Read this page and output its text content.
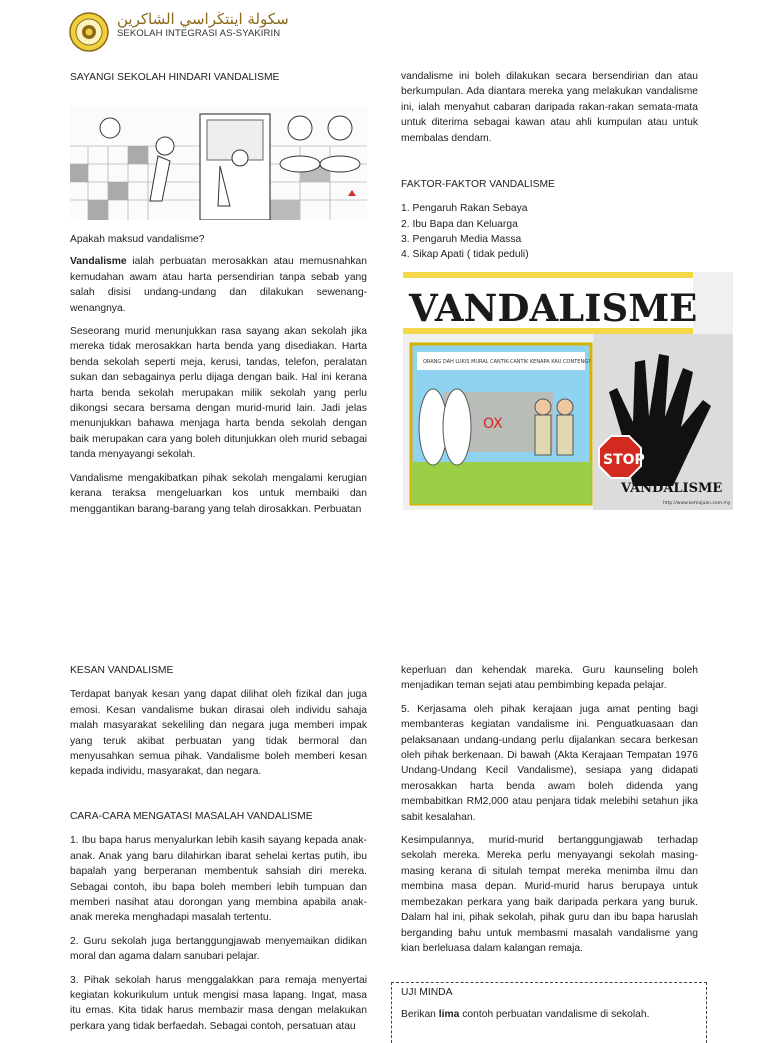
سكولة اينتڬراسي الشاكرين
SEKOLAH INTEGRASI AS-SYAKIRIN

SAYANGI SEKOLAH HINDARI VANDALISME

Apakah maksud vandalisme?

Vandalisme ialah perbuatan merosakkan atau memusnahkan kemudahan awam atau harta persendirian tanpa sebab yang salah disisi undang-undang dan dilakukan sewenang-wenangnya.

Seseorang murid menunjukkan rasa sayang akan sekolah jika mereka tidak merosakkan harta benda yang disediakan. Harta benda sekolah seperti meja, kerusi, tandas, telefon, peralatan sukan dan sebagainya perlu dijaga dengan baik. Hal ini kerana harta benda sekolah merupakan milik sekolah yang perlu dikongsi secara bersama dengan murid-murid lain. Jadi jelas menunjukkan bahawa menjaga harta benda sekolah dengan baik merupakan cara yang boleh ditunjukkan oleh murid sebagai tanda menyayangi sekolah.

Vandalisme mengakibatkan pihak sekolah mengalami kerugian kerana teraksa mengeluarkan kos untuk membaiki dan menggantikan barang-barang yang telah dirosakkan. Perbuatan

vandalisme ini boleh dilakukan secara bersendirian dan atau berkumpulan. Ada diantara mereka yang melakukan vandalisme ini, ialah menyahut cabaran daripada rakan-rakan semata-mata untuk diterima sebagai kawan atau ahli kumpulan atau untuk membalas dendam.

FAKTOR-FAKTOR VANDALISME

1. Pengaruh Rakan Sebaya
2. Ibu Bapa dan Keluarga
3. Pengaruh Media Massa
4. Sikap Apati ( tidak peduli)
VANDALISME
ORANG DAH LUKIS MURAL CANTIK-CANTIK KENAPA KAU CONTENG?
OX
STOP
VANDALISME
http://www.kemajuan.com.my

KESAN VANDALISME

Terdapat banyak kesan yang dapat dilihat oleh fizikal dan juga emosi. Kesan vandalisme bukan dirasai oleh individu sahaja malah masyarakat sekeliling dan negara juga memberi impak yang teruk akibat perbuatan yang tidak bermoral dan menyusahkan semua pihak. Vandalisme boleh memberi kesan kepada individu, masyarakat, dan negara.

CARA-CARA MENGATASI MASALAH VANDALISME

1. Ibu bapa harus menyalurkan lebih kasih sayang kepada anak-anak. Anak yang baru dilahirkan ibarat sehelai kertas putih, ibu bapalah yang berperanan membentuk sahsiah diri mereka. Sebagai contoh, ibu bapa boleh memberi lebih tumpuan dan memberi nasihat atau dorongan yang membina apabila anak-anak mereka menghadapi masalah tertentu.

2. Guru sekolah juga bertanggungjawab menyemaikan didikan moral dan agama dalam sanubari pelajar.

3. Pihak sekolah harus menggalakkan para remaja menyertai kegiatan kokurikulum untuk mengisi masa lapang. Ingat, masa itu emas. Kita tidak harus membazir masa dengan melakukan perkara yang tidak berfaedah. Sebagai contoh, persatuan atau

keperluan dan kehendak mareka. Guru kaunseling boleh menjadikan teman sejati atau pembimbing kepada pelajar.

5. Kerjasama oleh pihak kerajaan juga amat penting bagi membanteras kegiatan vandalisme ini. Penguatkuasaan dan pelaksanaan undang-undang perlu dijalankan secara berkesan oleh pihak berkenaan. Di bawah (Akta Kerajaan Tempatan 1976 Undang-Undang Kecil Vandalisme), sesiapa yang didapati merosakkan harta benda awam boleh didenda yang membabitkan RM2,000 atau penjara tidak melebihi setahun jika sabit kesalahan.

Kesimpulannya, murid-murid bertanggungjawab terhadap sekolah mereka. Mereka perlu menyayangi sekolah masing-masing kerana di situlah tempat mereka menimba ilmu dan membina masa depan. Murid-murid harus berupaya untuk membezakan perkara yang baik daripada perkara yang buruk. Dalam hal ini, pihak sekolah, pihak guru dan ibu bapa haruslah berganding bahu untuk membasmi masalah vandalisme yang kian berleluasa dalam kalangan remaja.

UJI MINDA
Berikan lima contoh perbuatan vandalisme di sekolah.
